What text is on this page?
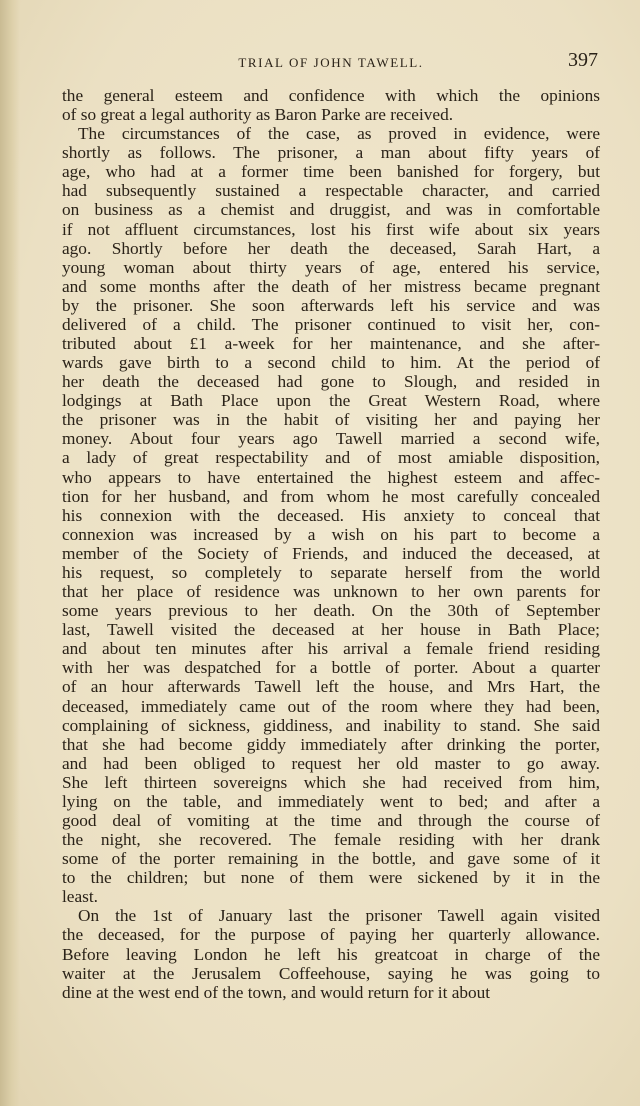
TRIAL OF JOHN TAWELL.	397
the general esteem and confidence with which the opinions
of so great a legal authority as Baron Parke are received.
The circumstances of the case, as proved in evidence, were
shortly as follows. The prisoner, a man about fifty years of
age, who had at a former time been banished for forgery, but
had subsequently sustained a respectable character, and carried
on business as a chemist and druggist, and was in comfortable
if not affluent circumstances, lost his first wife about six years
ago. Shortly before her death the deceased, Sarah Hart, a
young woman about thirty years of age, entered his service,
and some months after the death of her mistress became pregnant
by the prisoner. She soon afterwards left his service and was
delivered of a child. The prisoner continued to visit her, con-
tributed about £1 a-week for her maintenance, and she after-
wards gave birth to a second child to him. At the period of
her death the deceased had gone to Slough, and resided in
lodgings at Bath Place upon the Great Western Road, where
the prisoner was in the habit of visiting her and paying her
money. About four years ago Tawell married a second wife,
a lady of great respectability and of most amiable disposition,
who appears to have entertained the highest esteem and affec-
tion for her husband, and from whom he most carefully concealed
his connexion with the deceased. His anxiety to conceal that
connexion was increased by a wish on his part to become a
member of the Society of Friends, and induced the deceased, at
his request, so completely to separate herself from the world
that her place of residence was unknown to her own parents for
some years previous to her death. On the 30th of September
last, Tawell visited the deceased at her house in Bath Place;
and about ten minutes after his arrival a female friend residing
with her was despatched for a bottle of porter. About a quarter
of an hour afterwards Tawell left the house, and Mrs Hart, the
deceased, immediately came out of the room where they had been,
complaining of sickness, giddiness, and inability to stand. She said
that she had become giddy immediately after drinking the porter,
and had been obliged to request her old master to go away.
She left thirteen sovereigns which she had received from him,
lying on the table, and immediately went to bed; and after a
good deal of vomiting at the time and through the course of
the night, she recovered. The female residing with her drank
some of the porter remaining in the bottle, and gave some of it
to the children; but none of them were sickened by it in the
least.
On the 1st of January last the prisoner Tawell again visited
the deceased, for the purpose of paying her quarterly allowance.
Before leaving London he left his greatcoat in charge of the
waiter at the Jerusalem Coffeehouse, saying he was going to
dine at the west end of the town, and would return for it about
